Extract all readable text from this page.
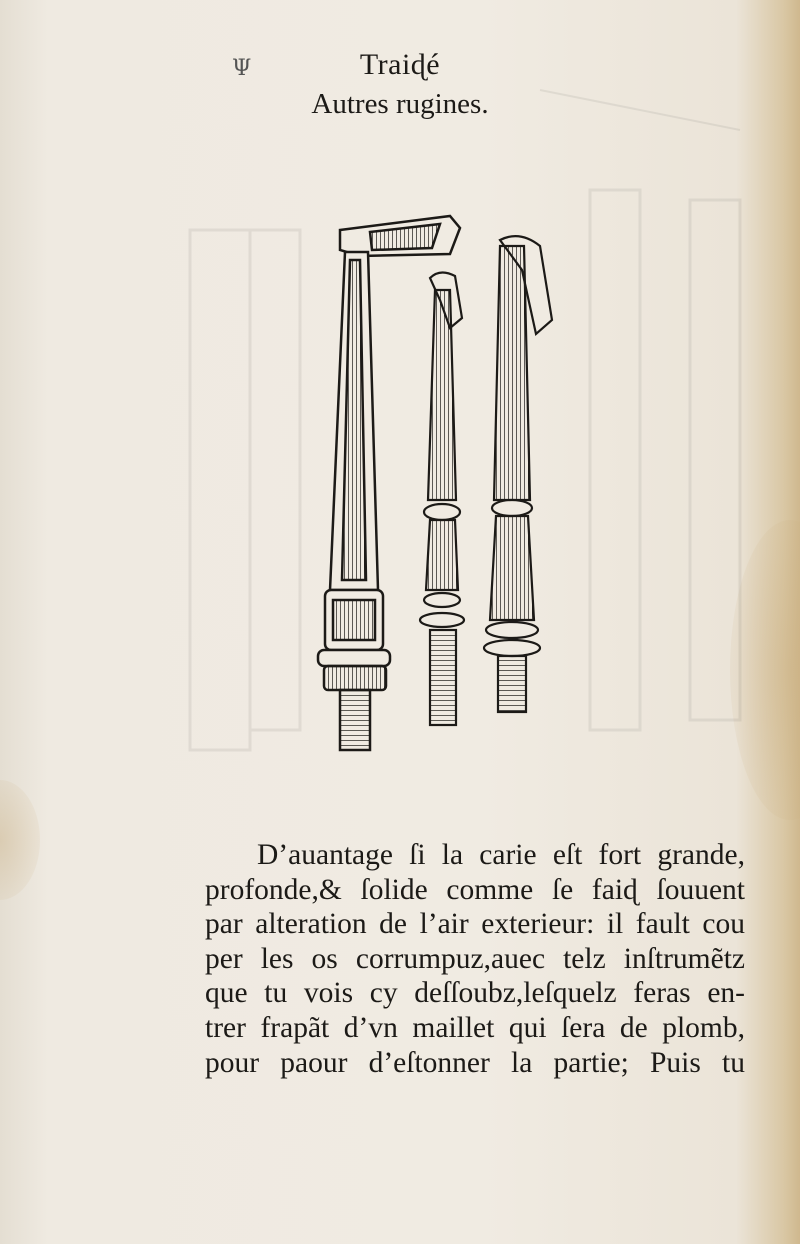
Ψ	Traiɖé
Autres rugines.
D’auantage ſi la carie eſt fort grande,
profonde,& ſolide comme ſe faiɖ ſouuent
par alteration de l’air exterieur: il fault cou
per les os corrumpuz,auec telz inſtrumẽtz
que tu vois cy deſſoubz,leſquelz feras en-
trer frapãt d’vn maillet qui ſera de plomb,
pour paour d’eſtonner la partie; Puis tu
